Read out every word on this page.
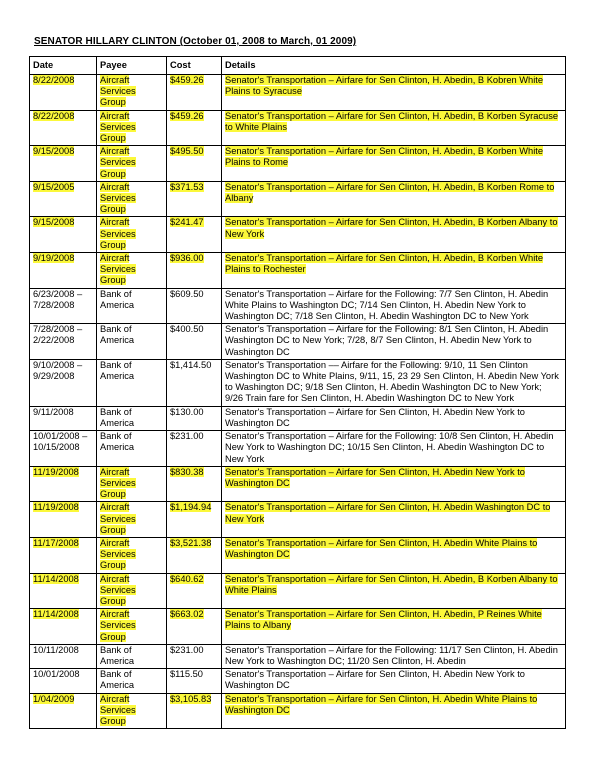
SENATOR HILLARY CLINTON (October 01, 2008 to March, 01 2009)
Date	Payee	Cost	Details
8/22/2008	Aircraft Services Group	$459.26	Senator's Transportation – Airfare for Sen Clinton, H. Abedin, B Kobren White Plains to Syracuse
8/22/2008	Aircraft Services Group	$459.26	Senator's Transportation – Airfare for Sen Clinton, H. Abedin, B Korben Syracuse to White Plains
9/15/2008	Aircraft Services Group	$495.50	Senator's Transportation – Airfare for Sen Clinton, H. Abedin, B Korben White Plains to Rome
9/15/2005	Aircraft Services Group	$371.53	Senator's Transportation – Airfare for Sen Clinton, H. Abedin, B Korben Rome to Albany
9/15/2008	Aircraft Services Group	$241.47	Senator's Transportation – Airfare for Sen Clinton, H. Abedin, B Korben Albany to New York
9/19/2008	Aircraft Services Group	$936.00	Senator's Transportation – Airfare for Sen Clinton, H. Abedin, B Korben White Plains to Rochester
6/23/2008 – 7/28/2008	Bank of America	$609.50	Senator's Transportation – Airfare for the Following: 7/7 Sen Clinton, H. Abedin White Plains to Washington DC; 7/14 Sen Clinton, H. Abedin New York to Washington DC; 7/18 Sen Clinton, H. Abedin Washington DC to New York
7/28/2008 – 2/22/2008	Bank of America	$400.50	Senator's Transportation – Airfare for the Following: 8/1 Sen Clinton, H. Abedin Washington DC to New York; 7/28, 8/7 Sen Clinton, H. Abedin New York to Washington DC
9/10/2008 – 9/29/2008	Bank of America	$1,414.50	Senator's Transportation –– Airfare for the Following: 9/10, 11 Sen Clinton Washington DC to White Plains, 9/11, 15, 23 29 Sen Clinton, H. Abedin New York to Washington DC; 9/18 Sen Clinton, H. Abedin Washington DC to New York; 9/26 Train fare for Sen Clinton, H. Abedin Washington DC to New York
9/11/2008	Bank of America	$130.00	Senator's Transportation – Airfare for Sen Clinton, H. Abedin New York to Washington DC
10/01/2008 – 10/15/2008	Bank of America	$231.00	Senator's Transportation – Airfare for the Following: 10/8 Sen Clinton, H. Abedin New York to Washington DC; 10/15 Sen Clinton, H. Abedin Washington DC to New York
11/19/2008	Aircraft Services Group	$830.38	Senator's Transportation – Airfare for Sen Clinton, H. Abedin New York to Washington DC
11/19/2008	Aircraft Services Group	$1,194.94	Senator's Transportation – Airfare for Sen Clinton, H. Abedin Washington DC to New York
11/17/2008	Aircraft Services Group	$3,521.38	Senator's Transportation – Airfare for Sen Clinton, H. Abedin White Plains to Washington DC
11/14/2008	Aircraft Services Group	$640.62	Senator's Transportation – Airfare for Sen Clinton, H. Abedin, B Korben Albany to White Plains
11/14/2008	Aircraft Services Group	$663.02	Senator's Transportation – Airfare for Sen Clinton, H. Abedin, P Reines White Plains to Albany
10/11/2008	Bank of America	$231.00	Senator's Transportation – Airfare for the Following: 11/17 Sen Clinton, H. Abedin New York to Washington DC; 11/20 Sen Clinton, H. Abedin
10/01/2008	Bank of America	$115.50	Senator's Transportation – Airfare for Sen Clinton, H. Abedin New York to Washington DC
1/04/2009	Aircraft Services Group	$3,105.83	Senator's Transportation – Airfare for Sen Clinton, H. Abedin White Plains to Washington DC
